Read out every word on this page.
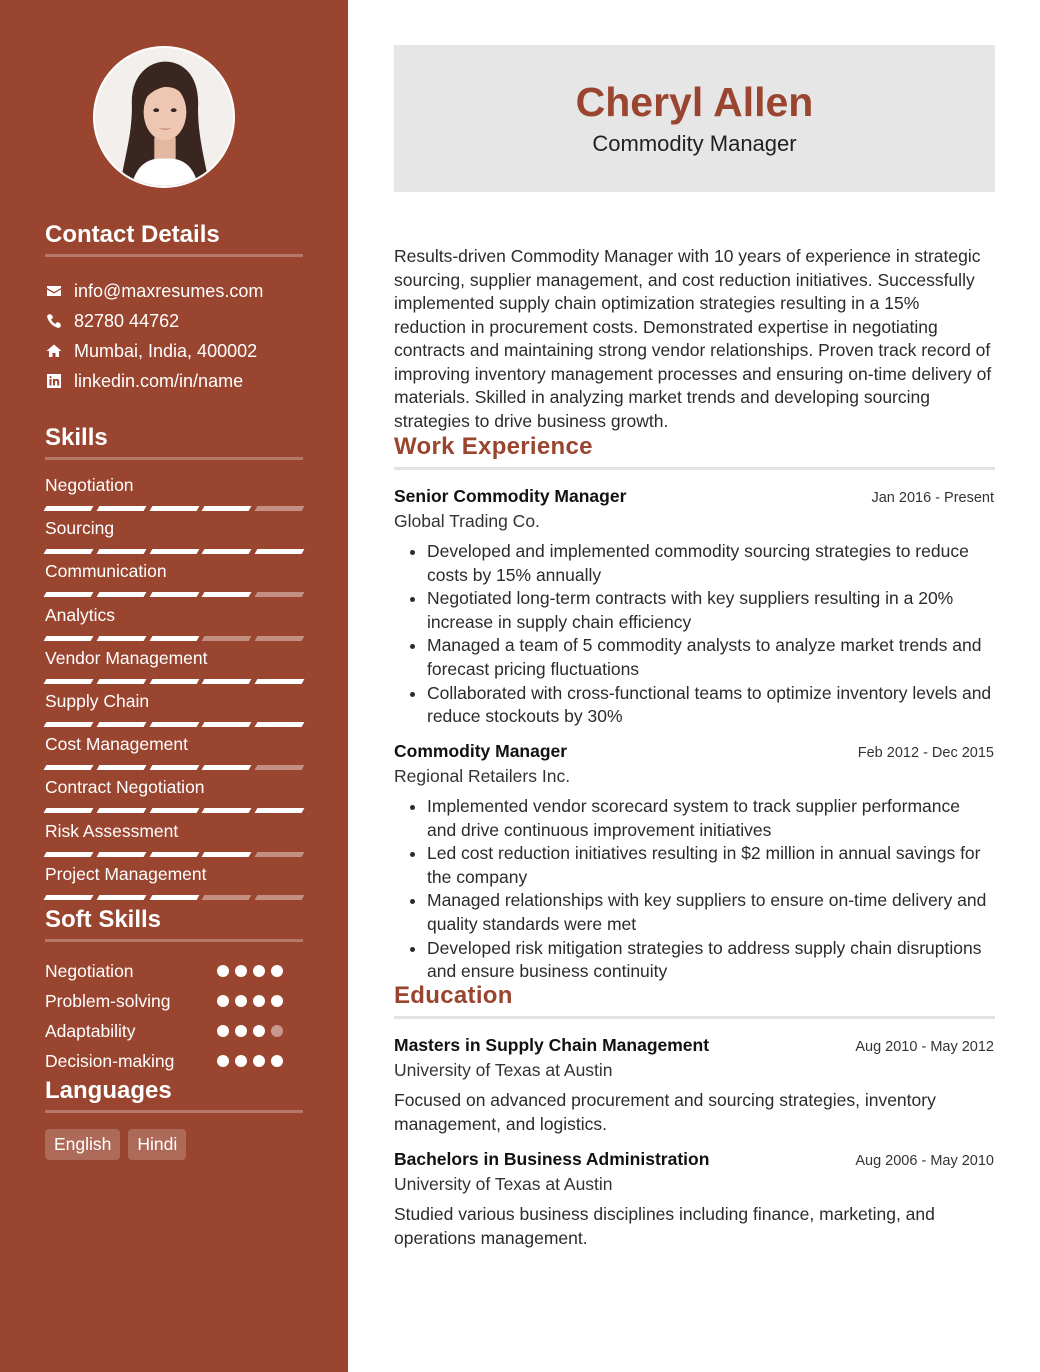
Contact Details
info@maxresumes.com
82780 44762
Mumbai, India, 400002
linkedin.com/in/name
Skills
Negotiation
Sourcing
Communication
Analytics
Vendor Management
Supply Chain
Cost Management
Contract Negotiation
Risk Assessment
Project Management
Soft Skills
Negotiation
Problem-solving
Adaptability
Decision-making
Languages
English	Hindi
Cheryl Allen
Commodity Manager

Results-driven Commodity Manager with 10 years of experience in strategic sourcing, supplier management, and cost reduction initiatives. Successfully implemented supply chain optimization strategies resulting in a 15% reduction in procurement costs. Demonstrated expertise in negotiating contracts and maintaining strong vendor relationships. Proven track record of improving inventory management processes and ensuring on-time delivery of materials. Skilled in analyzing market trends and developing sourcing strategies to drive business growth.

Work Experience
Senior Commodity Manager	Jan 2016 - Present
Global Trading Co.
• Developed and implemented commodity sourcing strategies to reduce costs by 15% annually
• Negotiated long-term contracts with key suppliers resulting in a 20% increase in supply chain efficiency
• Managed a team of 5 commodity analysts to analyze market trends and forecast pricing fluctuations
• Collaborated with cross-functional teams to optimize inventory levels and reduce stockouts by 30%
Commodity Manager	Feb 2012 - Dec 2015
Regional Retailers Inc.
• Implemented vendor scorecard system to track supplier performance and drive continuous improvement initiatives
• Led cost reduction initiatives resulting in $2 million in annual savings for the company
• Managed relationships with key suppliers to ensure on-time delivery and quality standards were met
• Developed risk mitigation strategies to address supply chain disruptions and ensure business continuity
Education
Masters in Supply Chain Management	Aug 2010 - May 2012
University of Texas at Austin

Focused on advanced procurement and sourcing strategies, inventory management, and logistics.

Bachelors in Business Administration	Aug 2006 - May 2010
University of Texas at Austin

Studied various business disciplines including finance, marketing, and operations management.
